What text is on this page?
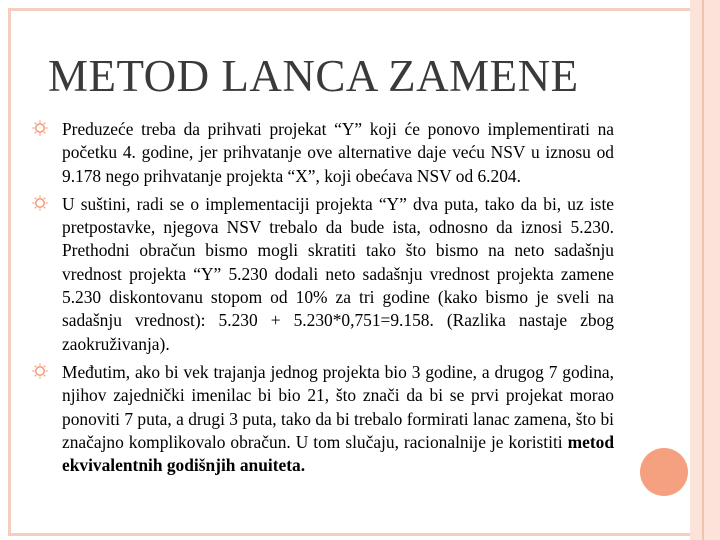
METOD LANCA ZAMENE
Preduzeće treba da prihvati projekat “Y” koji će ponovo implementirati na početku 4. godine, jer prihvatanje ove alternative daje veću NSV u iznosu od 9.178 nego prihvatanje projekta “X”, koji obećava NSV od 6.204.
U suštini, radi se o implementaciji projekta “Y” dva puta, tako da bi, uz iste pretpostavke, njegova NSV trebalo da bude ista, odnosno da iznosi 5.230. Prethodni obračun bismo mogli skratiti tako što bismo na neto sadašnju vrednost projekta “Y” 5.230 dodali neto sadašnju vrednost projekta zamene 5.230 diskontovanu stopom od 10% za tri godine (kako bismo je sveli na sadašnju vrednost): 5.230 + 5.230*0,751=9.158. (Razlika nastaje zbog zaokruživanja).
Međutim, ako bi vek trajanja jednog projekta bio 3 godine, a drugog 7 godina, njihov zajednički imenilac bi bio 21, što znači da bi se prvi projekat morao ponoviti 7 puta, a drugi 3 puta, tako da bi trebalo formirati lanac zamena, što bi značajno komplikovalo obračun. U tom slučaju, racionalnije je koristiti metod ekvivalentnih godišnjih anuiteta.
